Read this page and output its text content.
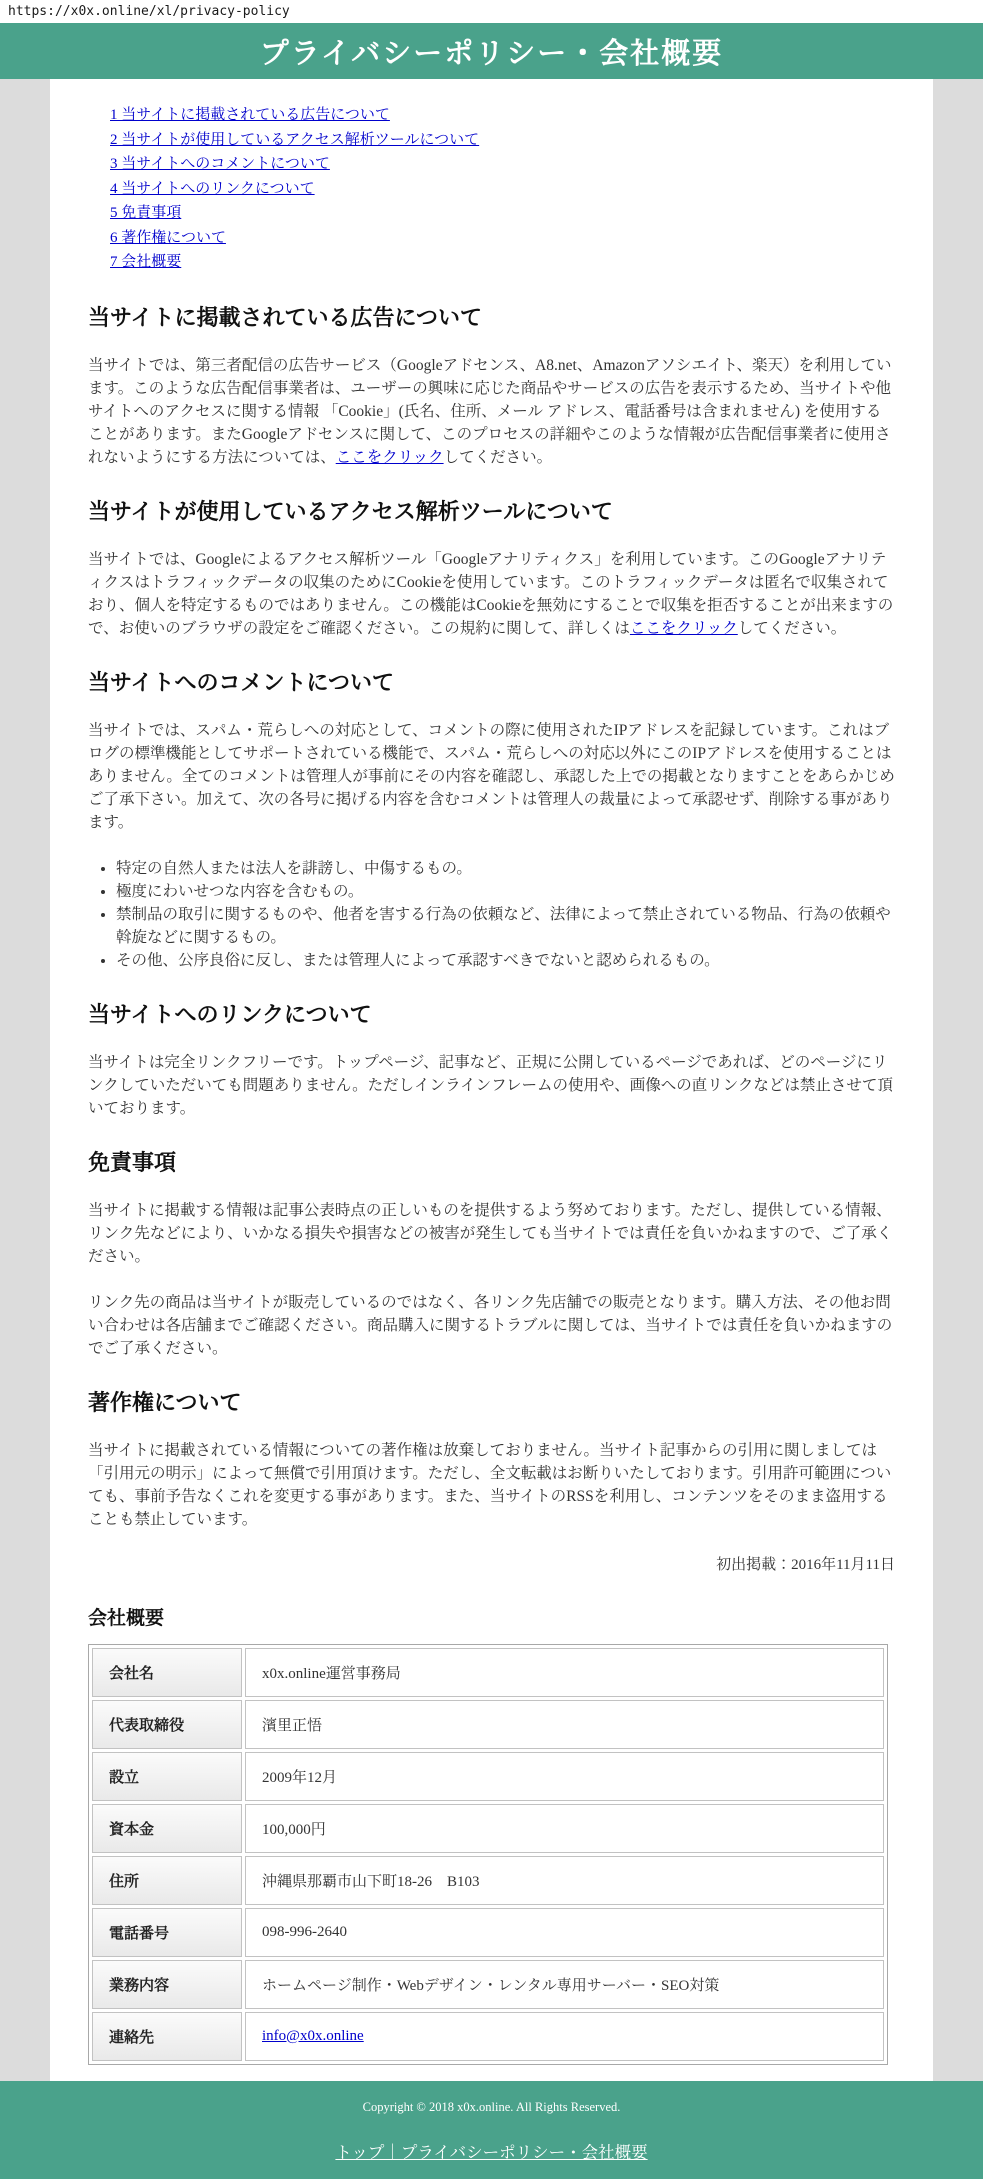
https://x0x.online/xl/privacy-policy
プライバシーポリシー・会社概要
1 当サイトに掲載されている広告について
2 当サイトが使用しているアクセス解析ツールについて
3 当サイトへのコメントについて
4 当サイトへのリンクについて
5 免責事項
6 著作権について
7 会社概要
当サイトに掲載されている広告について

当サイトでは、第三者配信の広告サービス（Googleアドセンス、A8.net、Amazonアソシエイト、楽天）を利用しています。このような広告配信事業者は、ユーザーの興味に応じた商品やサービスの広告を表示するため、当サイトや他サイトへのアクセスに関する情報 「Cookie」(氏名、住所、メール アドレス、電話番号は含まれません) を使用することがあります。またGoogleアドセンスに関して、このプロセスの詳細やこのような情報が広告配信事業者に使用されないようにする方法については、ここをクリックしてください。

当サイトが使用しているアクセス解析ツールについて

当サイトでは、Googleによるアクセス解析ツール「Googleアナリティクス」を利用しています。このGoogleアナリティクスはトラフィックデータの収集のためにCookieを使用しています。このトラフィックデータは匿名で収集されており、個人を特定するものではありません。この機能はCookieを無効にすることで収集を拒否することが出来ますので、お使いのブラウザの設定をご確認ください。この規約に関して、詳しくはここをクリックしてください。

当サイトへのコメントについて

当サイトでは、スパム・荒らしへの対応として、コメントの際に使用されたIPアドレスを記録しています。これはブログの標準機能としてサポートされている機能で、スパム・荒らしへの対応以外にこのIPアドレスを使用することはありません。全てのコメントは管理人が事前にその内容を確認し、承認した上での掲載となりますことをあらかじめご了承下さい。加えて、次の各号に掲げる内容を含むコメントは管理人の裁量によって承認せず、削除する事があります。

• 特定の自然人または法人を誹謗し、中傷するもの。
• 極度にわいせつな内容を含むもの。
• 禁制品の取引に関するものや、他者を害する行為の依頼など、法律によって禁止されている物品、行為の依頼や斡旋などに関するもの。
• その他、公序良俗に反し、または管理人によって承認すべきでないと認められるもの。
当サイトへのリンクについて

当サイトは完全リンクフリーです。トップページ、記事など、正規に公開しているページであれば、どのページにリンクしていただいても問題ありません。ただしインラインフレームの使用や、画像への直リンクなどは禁止させて頂いております。

免責事項

当サイトに掲載する情報は記事公表時点の正しいものを提供するよう努めております。ただし、提供している情報、リンク先などにより、いかなる損失や損害などの被害が発生しても当サイトでは責任を負いかねますので、ご了承ください。

リンク先の商品は当サイトが販売しているのではなく、各リンク先店舗での販売となります。購入方法、その他お問い合わせは各店舗までご確認ください。商品購入に関するトラブルに関しては、当サイトでは責任を負いかねますのでご了承ください。

著作権について

当サイトに掲載されている情報についての著作権は放棄しておりません。当サイト記事からの引用に関しましては「引用元の明示」によって無償で引用頂けます。ただし、全文転載はお断りいたしております。引用許可範囲についても、事前予告なくこれを変更する事があります。また、当サイトのRSSを利用し、コンテンツをそのまま盗用することも禁止しています。

初出掲載：2016年11月11日

会社概要
会社名	x0x.online運営事務局
代表取締役	濱里正悟
設立	2009年12月
資本金	100,000円
住所	沖縄県那覇市山下町18-26　B103
電話番号	098-996-2640
業務内容	ホームページ制作・Webデザイン・レンタル専用サーバー・SEO対策
連絡先	info@x0x.online

Copyright © 2018 x0x.online. All Rights Reserved.

トップ｜プライバシーポリシー・会社概要
